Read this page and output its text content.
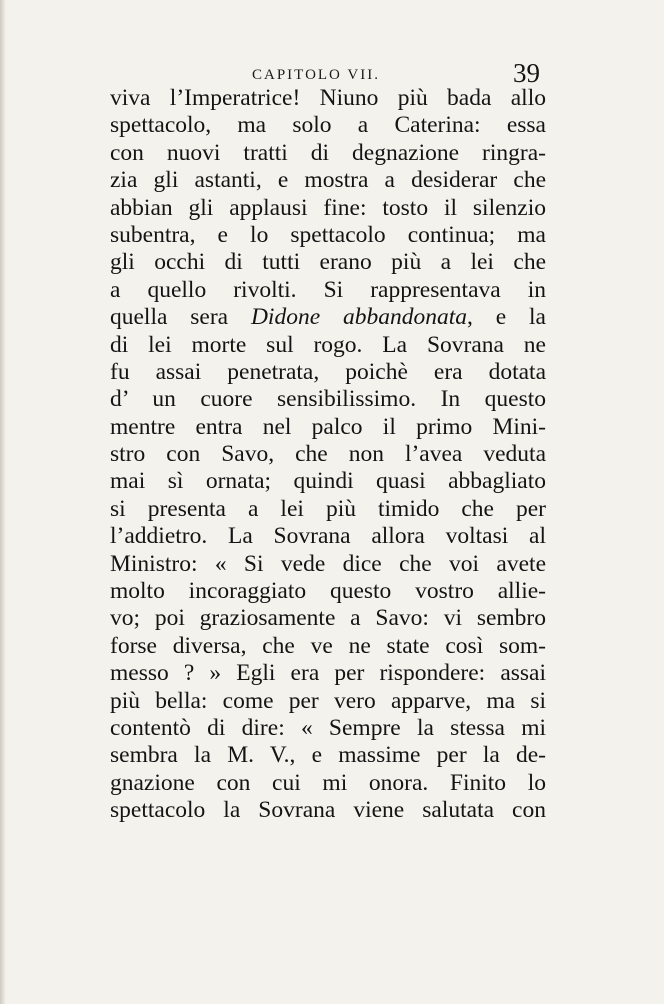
CAPITOLO VII.	39
viva l’Imperatrice! Niuno più bada allo
spettacolo, ma solo a Caterina: essa
con nuovi tratti di degnazione ringra-
zia gli astanti, e mostra a desiderar che
abbian gli applausi fine: tosto il silenzio
subentra, e lo spettacolo continua; ma
gli occhi di tutti erano più a lei che
a quello rivolti. Si rappresentava in
quella sera Didone abbandonata, e la
di lei morte sul rogo. La Sovrana ne
fu assai penetrata, poichè era dotata
d’ un cuore sensibilissimo. In questo
mentre entra nel palco il primo Mini-
stro con Savo, che non l’avea veduta
mai sì ornata; quindi quasi abbagliato
si presenta a lei più timido che per
l’addietro. La Sovrana allora voltasi al
Ministro: « Si vede dice che voi avete
molto incoraggiato questo vostro allie-
vo; poi graziosamente a Savo: vi sembro
forse diversa, che ve ne state così som-
messo ? » Egli era per rispondere: assai
più bella: come per vero apparve, ma si
contentò di dire: « Sempre la stessa mi
sembra la M. V., e massime per la de-
gnazione con cui mi onora. Finito lo
spettacolo la Sovrana viene salutata con
